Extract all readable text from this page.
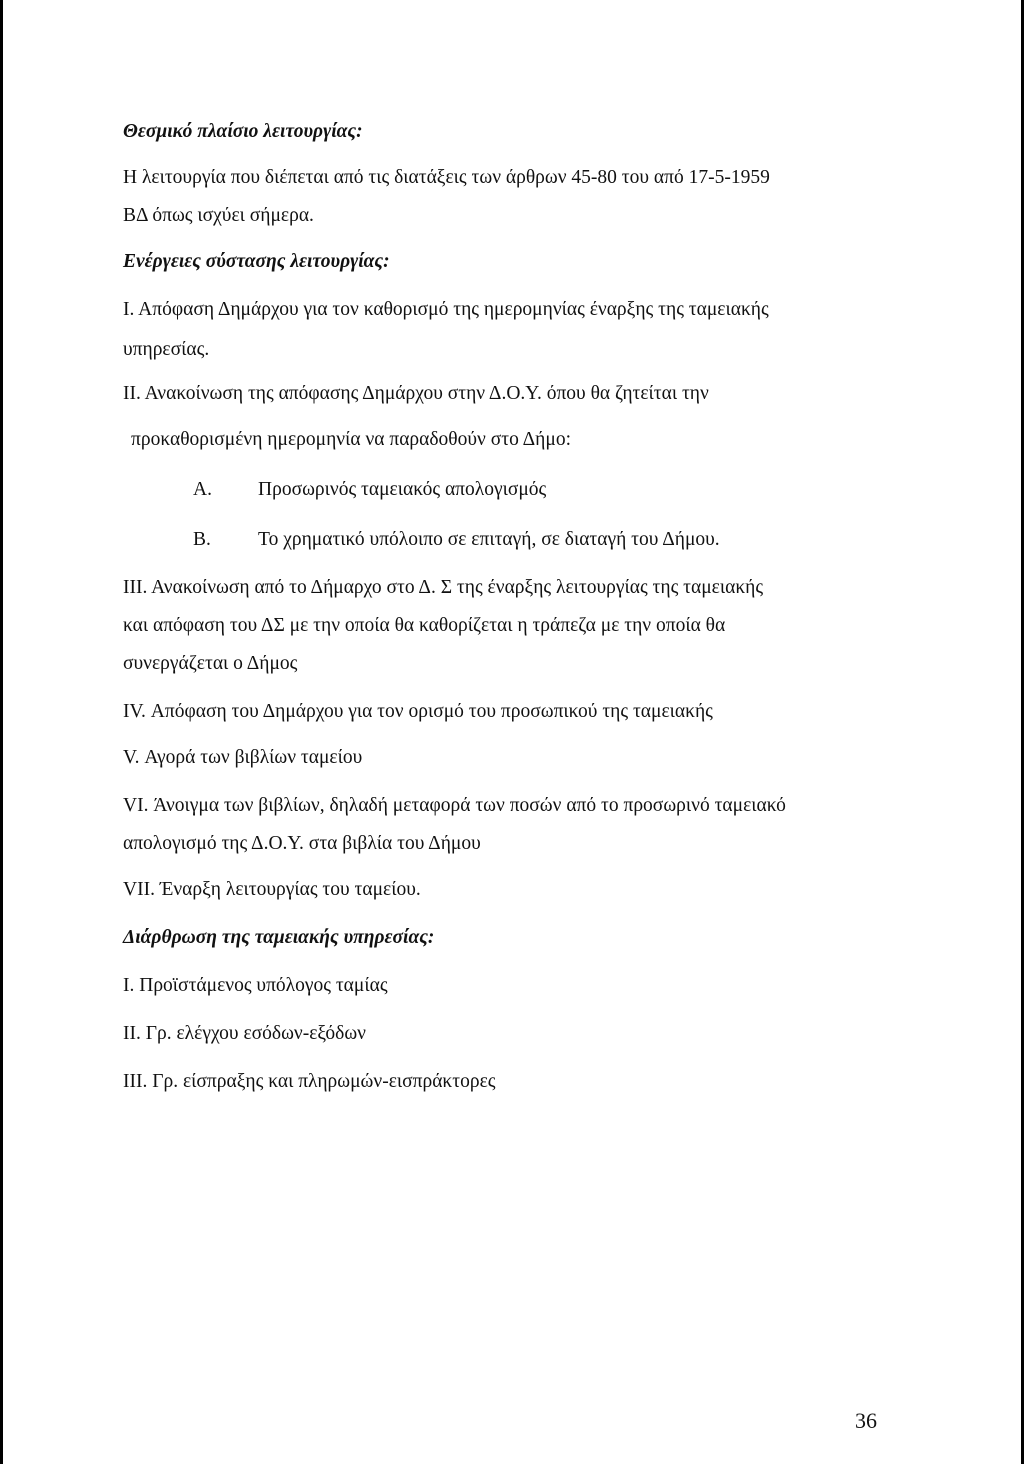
Θεσμικό πλαίσιο λειτουργίας:
Η λειτουργία που διέπεται από τις διατάξεις των άρθρων 45-80 του από 17-5-1959
ΒΔ όπως ισχύει σήμερα.
Ενέργειες σύστασης λειτουργίας:
Ι. Απόφαση Δημάρχου για τον καθορισμό της ημερομηνίας έναρξης της ταμειακής
υπηρεσίας.
ΙΙ. Ανακοίνωση της απόφασης Δημάρχου στην Δ.Ο.Υ. όπου θα ζητείται την
προκαθορισμένη ημερομηνία να παραδοθούν στο Δήμο:
Α. Προσωρινός ταμειακός απολογισμός
Β. Το χρηματικό υπόλοιπο σε επιταγή, σε διαταγή του Δήμου.
ΙΙΙ. Ανακοίνωση από το Δήμαρχο στο Δ. Σ της έναρξης λειτουργίας της ταμειακής
και απόφαση του ΔΣ με την οποία θα καθορίζεται η τράπεζα με την οποία θα
συνεργάζεται ο Δήμος
IV. Απόφαση του Δημάρχου για τον ορισμό του προσωπικού της ταμειακής
V. Αγορά των βιβλίων ταμείου
VI. Άνοιγμα των βιβλίων, δηλαδή μεταφορά των ποσών από το προσωρινό ταμειακό
απολογισμό της Δ.Ο.Υ. στα βιβλία του Δήμου
VII. Έναρξη λειτουργίας του ταμείου.
Διάρθρωση της ταμειακής υπηρεσίας:
Ι. Προϊστάμενος υπόλογος ταμίας
ΙΙ. Γρ. ελέγχου εσόδων-εξόδων
ΙΙΙ. Γρ. είσπραξης και πληρωμών-εισπράκτορες
36
